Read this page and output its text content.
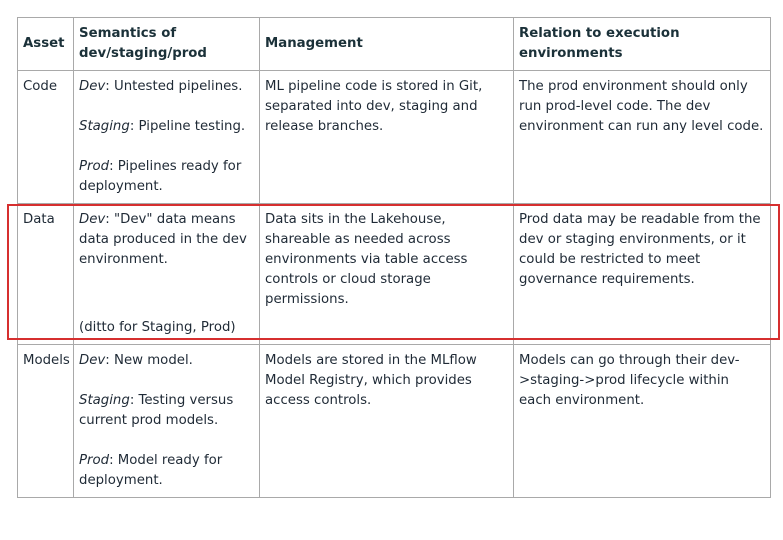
Asset	Semantics of dev/staging/prod	Management	Relation to execution environments
Code	Dev: Untested pipelines.

Staging: Pipeline testing.

Prod: Pipelines ready for deployment.	ML pipeline code is stored in Git, separated into dev, staging and release branches.	The prod environment should only run prod-level code. The dev environment can run any level code.
Data	Dev: "Dev" data means data produced in the dev environment.

(ditto for Staging, Prod)	Data sits in the Lakehouse, shareable as needed across environments via table access controls or cloud storage permissions.	Prod data may be readable from the dev or staging environments, or it could be restricted to meet governance requirements.
Models	Dev: New model.

Staging: Testing versus current prod models.

Prod: Model ready for deployment.	Models are stored in the MLflow Model Registry, which provides access controls.	Models can go through their dev->staging->prod lifecycle within each environment.
